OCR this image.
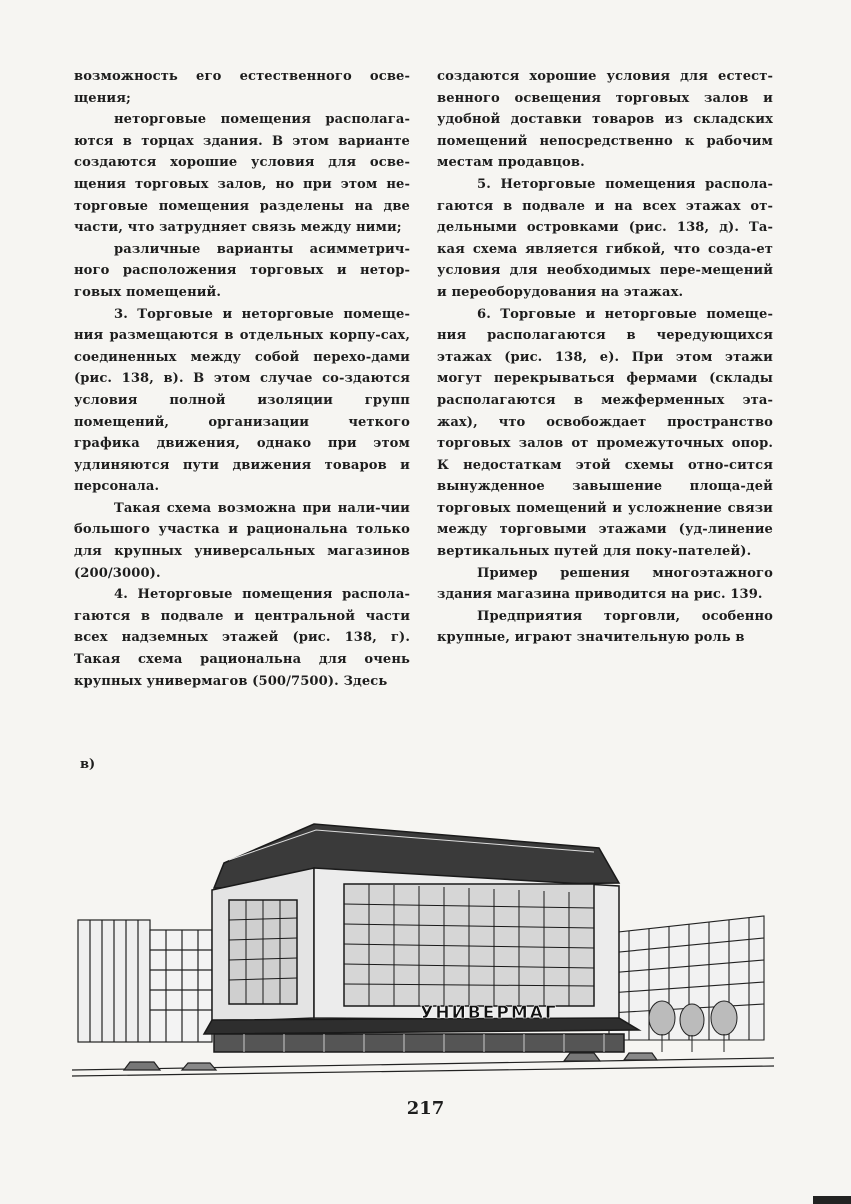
возможность его естественного осве-щения;

неторговые помещения располага-ются в торцах здания. В этом варианте создаются хорошие условия для осве-щения торговых залов, но при этом не-торговые помещения разделены на две части, что затрудняет связь между ними;

различные варианты асимметрич-ного расположения торговых и нетор-говых помещений.

3. Торговые и неторговые помеще-ния размещаются в отдельных корпу-сах, соединенных между собой перехо-дами (рис. 138, в). В этом случае со-здаются условия полной изоляции групп помещений, организации четкого графика движения, однако при этом удлиняются пути движения товаров и персонала.

Такая схема возможна при нали-чии большого участка и рациональна только для крупных универсальных магазинов (200/3000).

4. Неторговые помещения распола-гаются в подвале и центральной части всех надземных этажей (рис. 138, г). Такая схема рациональна для очень крупных универмагов (500/7500). Здесь

создаются хорошие условия для естест-венного освещения торговых залов и удобной доставки товаров из складских помещений непосредственно к рабочим местам продавцов.

5. Неторговые помещения распола-гаются в подвале и на всех этажах от-дельными островками (рис. 138, д). Та-кая схема является гибкой, что созда-ет условия для необходимых пере-мещений и переоборудования на этажах.

6. Торговые и неторговые помеще-ния располагаются в чередующихся этажах (рис. 138, е). При этом этажи могут перекрываться фермами (склады располагаются в межферменных эта-жах), что освобождает пространство торговых залов от промежуточных опор. К недостаткам этой схемы отно-сится вынужденное завышение площа-дей торговых помещений и усложнение связи между торговыми этажами (уд-линение вертикальных путей для поку-пателей).

Пример решения многоэтажного здания магазина приводится на рис. 139.

Предприятия торговли, особенно крупные, играют значительную роль в

в)
УНИВЕРМАГ
217
